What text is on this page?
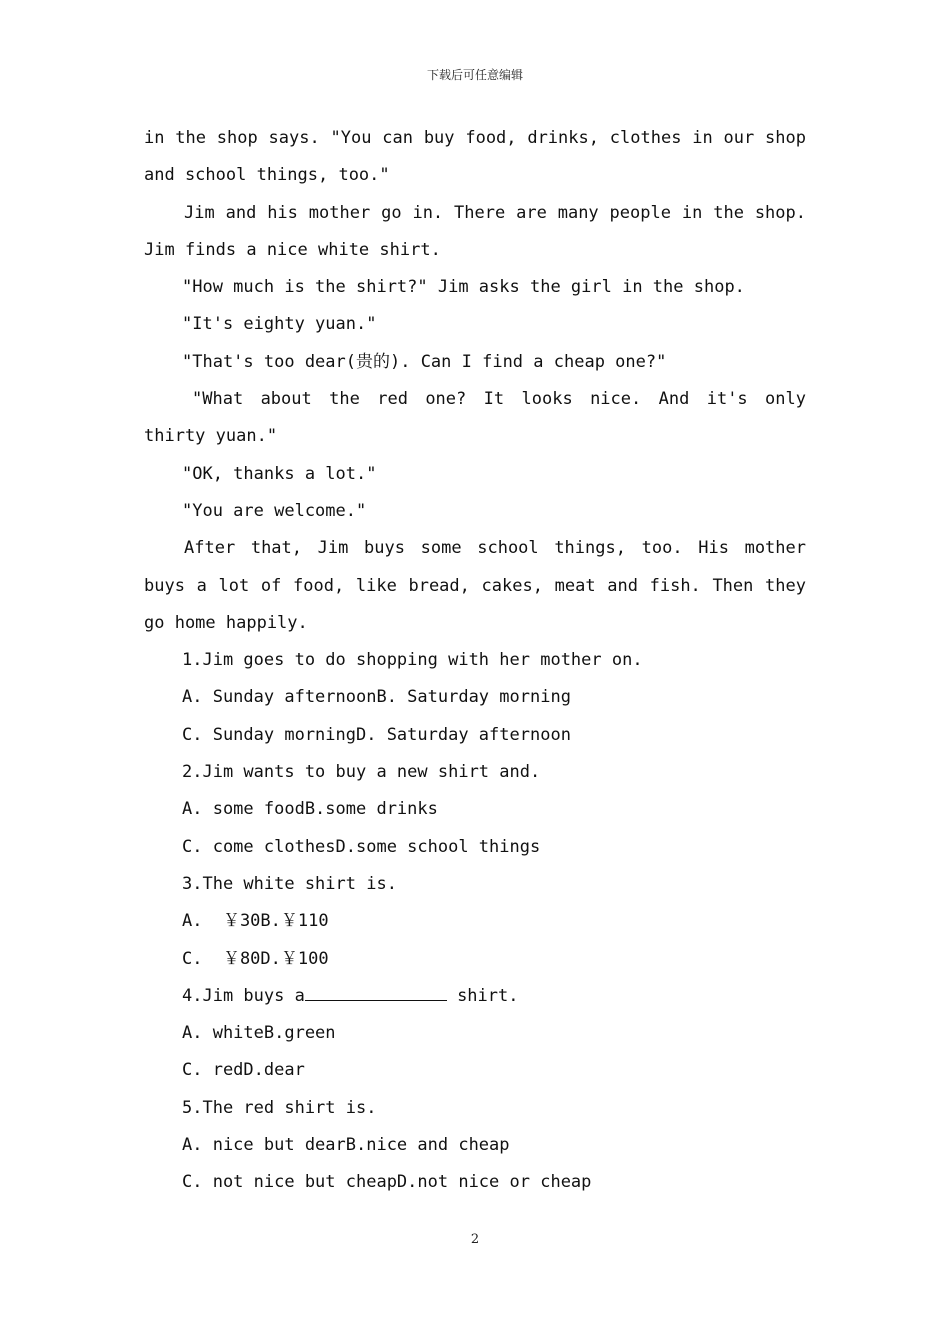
下载后可任意编辑

in the shop says. "You can buy food, drinks, clothes in our shop and school things, too."

Jim and his mother go in. There are many people in the shop. Jim finds a nice white shirt.

"How much is the shirt?" Jim asks the girl in the shop.

"It's eighty yuan."

"That's too dear(贵的). Can I find a cheap one?"

"What about the red one? It looks nice. And it's only thirty yuan."

"OK, thanks a lot."

"You are welcome."

After that, Jim buys some school things, too. His mother buys a lot of food, like bread, cakes, meat and fish. Then they go home happily.

1.Jim goes to do shopping with her mother on.

A. Sunday afternoonB. Saturday morning

C. Sunday morningD. Saturday afternoon

2.Jim wants to buy a new shirt and.

A. some foodB.some drinks

C. come clothesD.some school things

3.The white shirt is.

A.  ￥30B.￥110

C.  ￥80D.￥100

4.Jim buys a	shirt.

A. whiteB.green

C. redD.dear

5.The red shirt is.

A. nice but dearB.nice and cheap

C. not nice but cheapD.not nice or cheap

2
